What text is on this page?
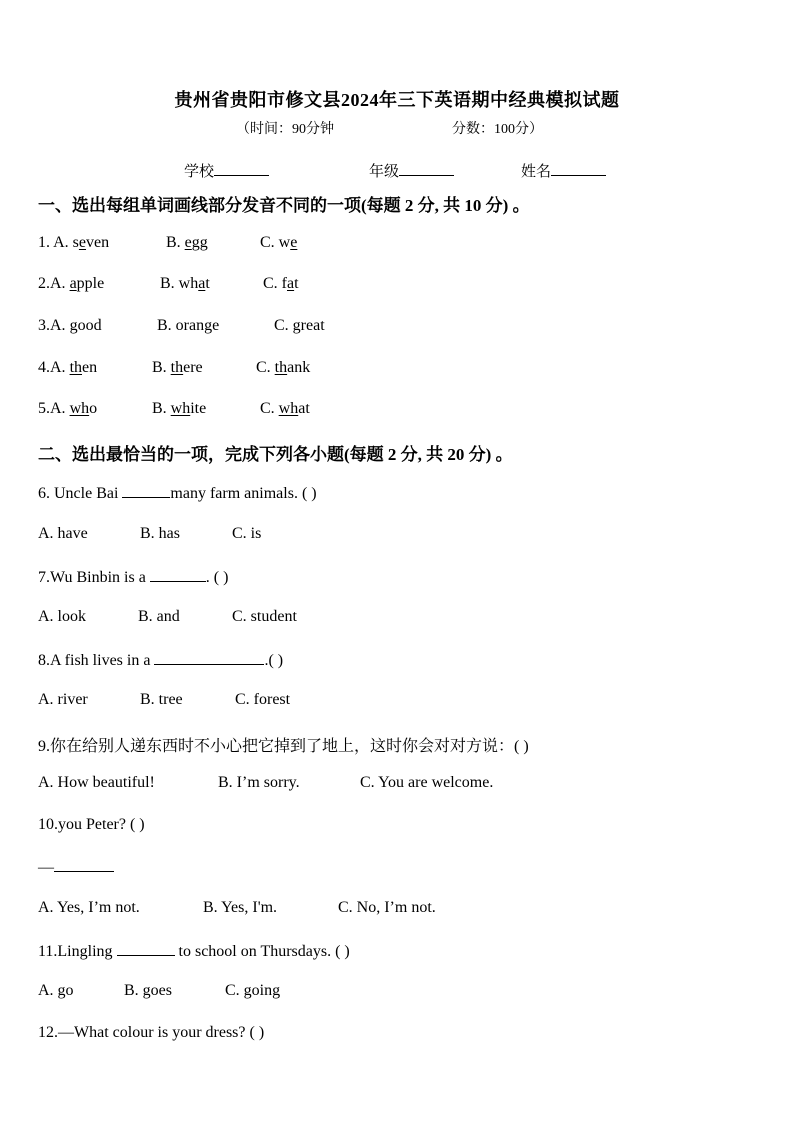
贵州省贵阳市修文县2024年三下英语期中经典模拟试题
（时间：90分钟	分数：100分）
学校	年级	姓名
一、选出每组单词画线部分发音不同的一项(每题 2 分, 共 10 分) 。
1. A. seven	B. egg	C. we
2.A. apple	B. what	C. fat
3.A. good	B. orange	C. great
4.A. then	B. there	C. thank
5.A. who	B. white	C. what
二、选出最恰当的一项，完成下列各小题(每题 2 分, 共 20 分) 。
6. Uncle Bai	many farm animals. ( )
A. have	B. has	C. is
7.Wu Binbin is a	. ( )
A. look	B. and	C. student
8.A fish lives in a	.( )
A. river	B. tree	C. forest
9.你在给别人递东西时不小心把它掉到了地上，这时你会对对方说：( )
A. How beautiful!	B. I’m sorry.	C. You are welcome.
10.you Peter? ( )
—
A. Yes, I’m not.	B. Yes, I'm.	C. No, I’m not.
11.Lingling	to school on Thursdays. ( )
A. go	B. goes	C. going
12.—What colour is your dress? ( )
